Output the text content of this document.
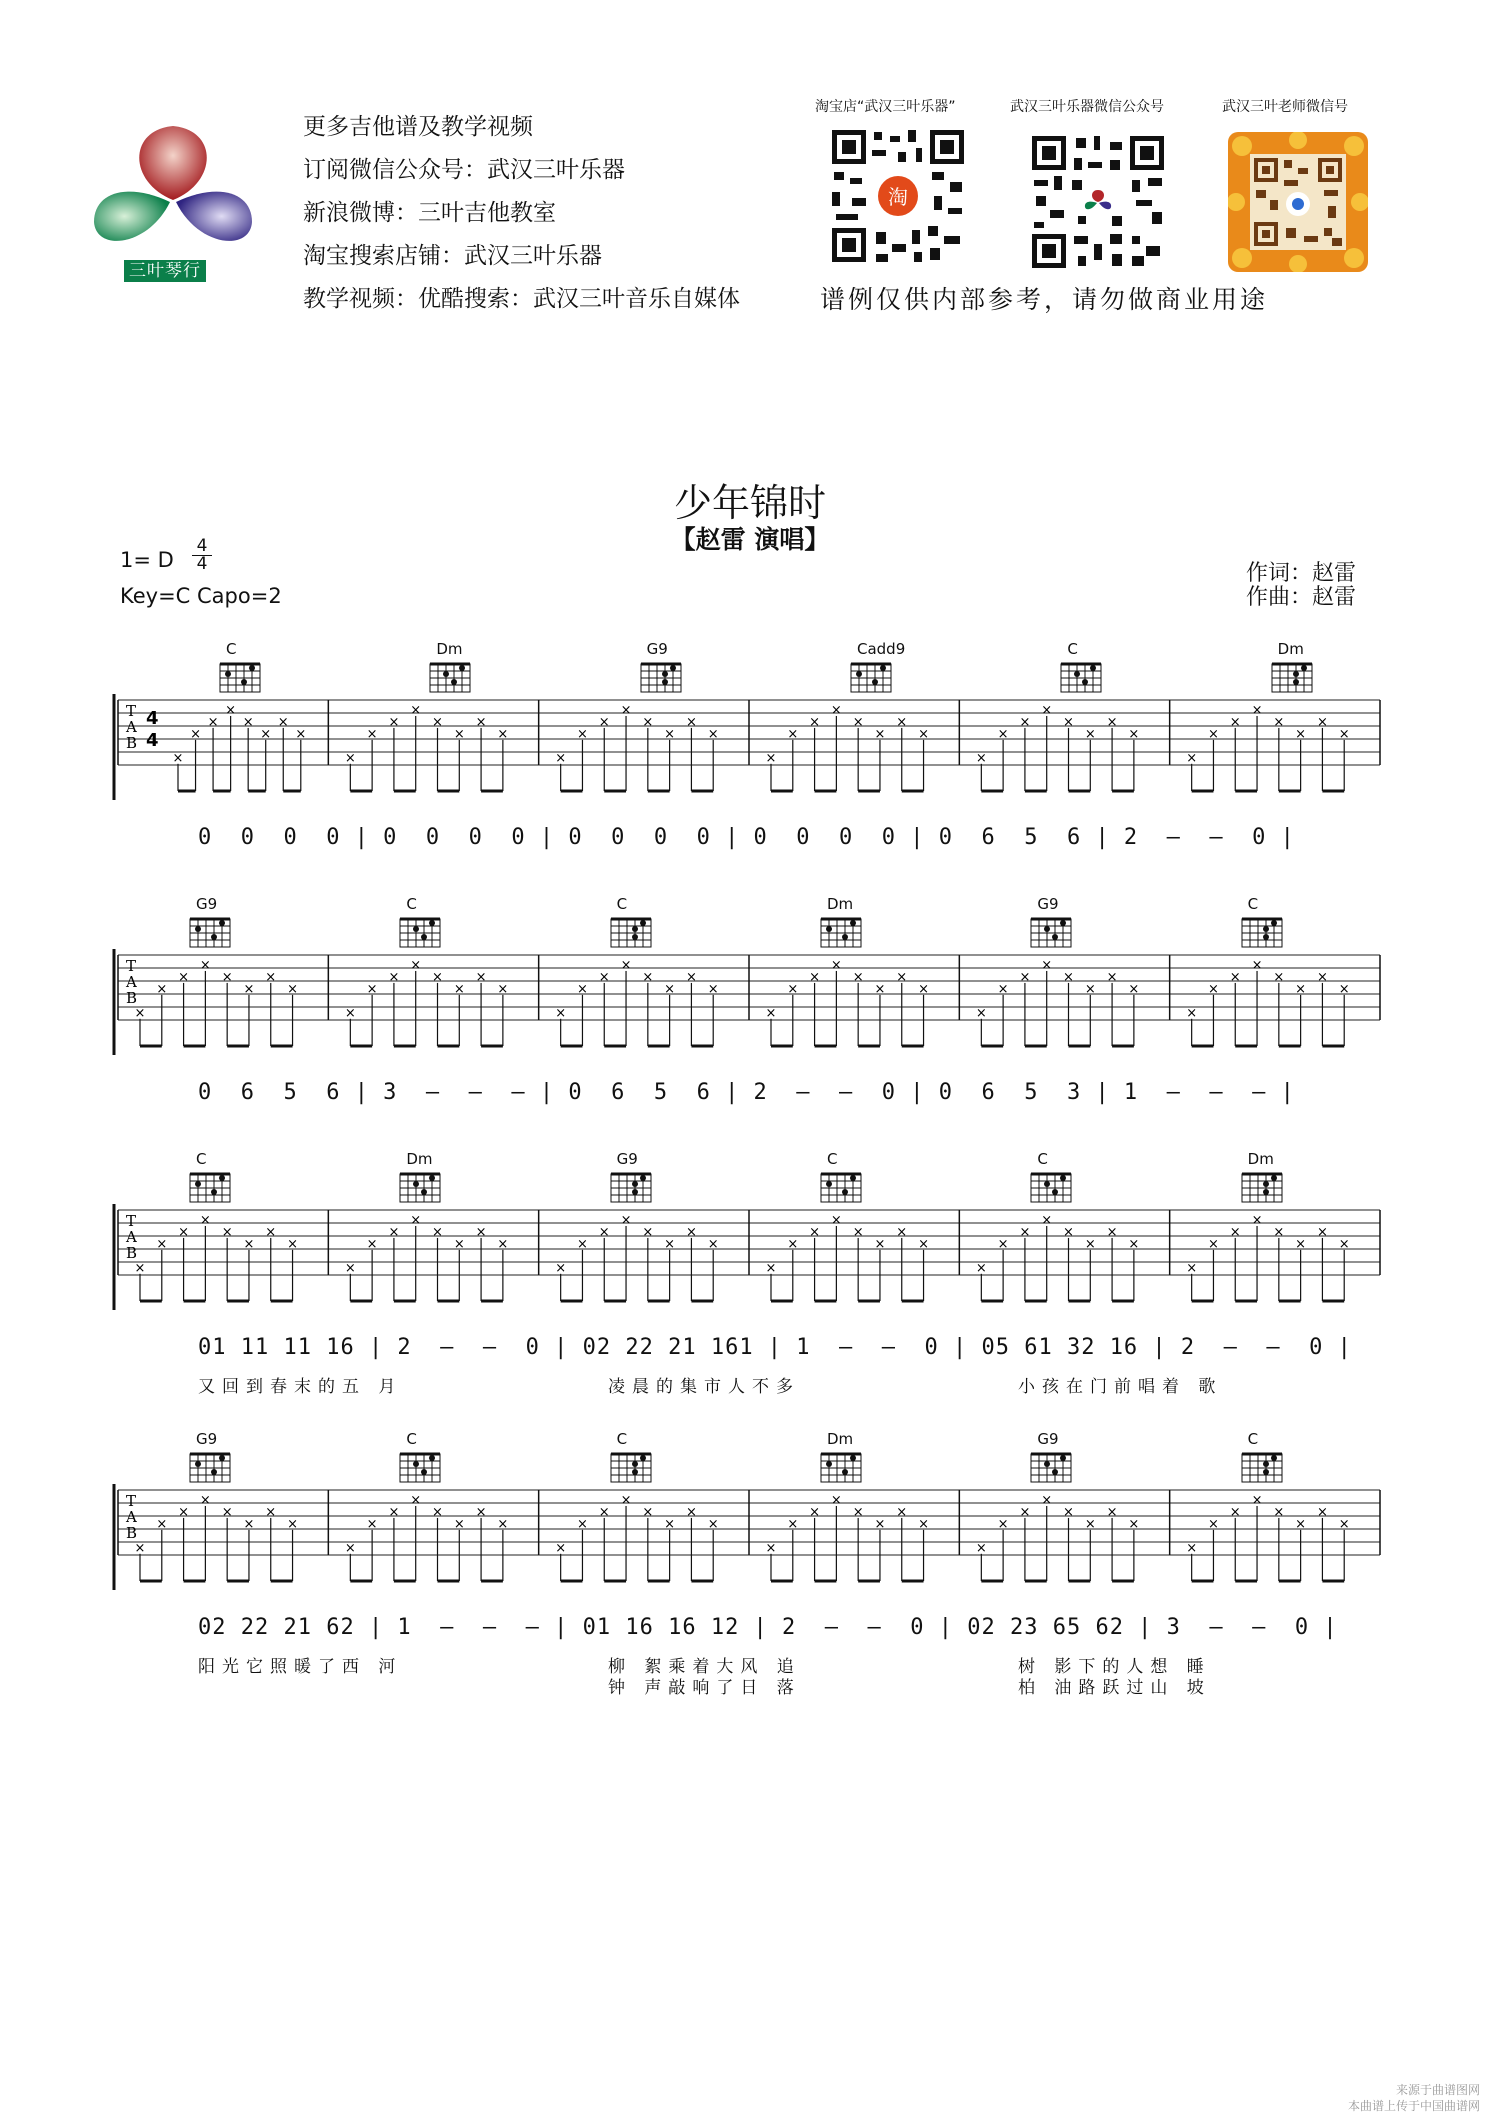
三叶琴行
更多吉他谱及教学视频
订阅微信公众号：武汉三叶乐器
新浪微博：三叶吉他教室
淘宝搜索店铺：武汉三叶乐器
教学视频：优酷搜索：武汉三叶音乐自媒体
淘宝店“武汉三叶乐器”	武汉三叶乐器微信公众号	武汉三叶老师微信号
淘
谱例仅供内部参考，请勿做商业用途
少年锦时
【赵雷 演唱】
1= D
4
4
Key=C Capo=2
作词：赵雷
作曲：赵雷
T
A
B
4
4
×
×
×
×
×
×
×
×
×
×
×
×
×
×
×
×
×
×
×
×
×
×
×
×
×
×
×
×
×
×
×
×
×
×
×
×
×
×
×
×
×
×
×
×
×
×
×
×
C	Dm	G9	Cadd9	C	Dm
0  0  0  0 | 0  0  0  0 | 0  0  0  0 | 0  0  0  0 | 0  6  5  6 | 2  —  —  0 |
T
A
B
×
×
×
×
×
×
×
×
×
×
×
×
×
×
×
×
×
×
×
×
×
×
×
×
×
×
×
×
×
×
×
×
×
×
×
×
×
×
×
×
×
×
×
×
×
×
×
×
G9	C	C	Dm	G9	C
0  6  5  6 | 3  —  —  — | 0  6  5  6 | 2  —  —  0 | 0  6  5  3 | 1  —  —  — |
T
A
B
×
×
×
×
×
×
×
×
×
×
×
×
×
×
×
×
×
×
×
×
×
×
×
×
×
×
×
×
×
×
×
×
×
×
×
×
×
×
×
×
×
×
×
×
×
×
×
×
C	Dm	G9	C	C	Dm
01 11 11 16 | 2  —  —  0 | 02 22 21 161 | 1  —  —  0 | 05 61 32 16 | 2  —  —  0 |
又回到春末的五 月	凌晨的集市人不多	小孩在门前唱着 歌
T
A
B
×
×
×
×
×
×
×
×
×
×
×
×
×
×
×
×
×
×
×
×
×
×
×
×
×
×
×
×
×
×
×
×
×
×
×
×
×
×
×
×
×
×
×
×
×
×
×
×
G9	C	C	Dm	G9	C
02 22 21 62 | 1  —  —  — | 01 16 16 12 | 2  —  —  0 | 02 23 65 62 | 3  —  —  0 |
阳光它照暖了西 河	柳 絮乘着大风 追	树 影下的人想 睡
钟 声敲响了日 落	柏 油路跃过山 坡
来源于曲谱图网
本曲谱上传于中国曲谱网
